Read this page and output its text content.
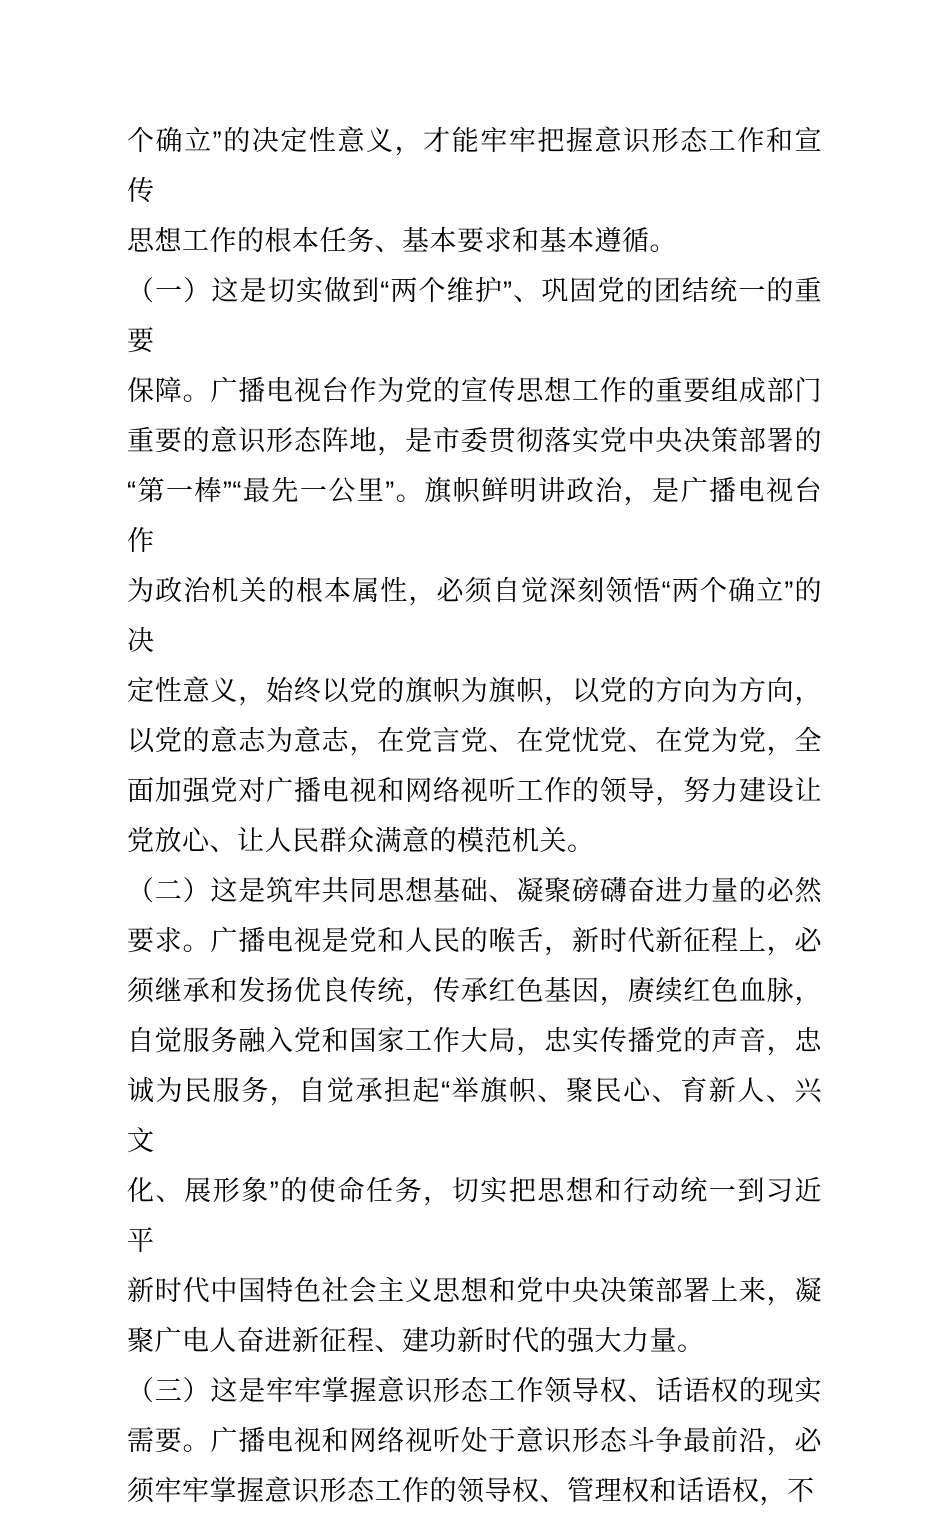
个确立”的决定性意义，才能牢牢把握意识形态工作和宣传
思想工作的根本任务、基本要求和基本遵循。
（一）这是切实做到“两个维护”、巩固党的团结统一的重要
保障。广播电视台作为党的宣传思想工作的重要组成部门
重要的意识形态阵地，是市委贯彻落实党中央决策部署的
“第一棒”“最先一公里”。旗帜鲜明讲政治，是广播电视台作
为政治机关的根本属性，必须自觉深刻领悟“两个确立”的决
定性意义，始终以党的旗帜为旗帜，以党的方向为方向，
以党的意志为意志，在党言党、在党忧党、在党为党，全
面加强党对广播电视和网络视听工作的领导，努力建设让
党放心、让人民群众满意的模范机关。
（二）这是筑牢共同思想基础、凝聚磅礴奋进力量的必然
要求。广播电视是党和人民的喉舌，新时代新征程上，必
须继承和发扬优良传统，传承红色基因，赓续红色血脉，
自觉服务融入党和国家工作大局，忠实传播党的声音，忠
诚为民服务，自觉承担起“举旗帜、聚民心、育新人、兴文
化、展形象”的使命任务，切实把思想和行动统一到习近平
新时代中国特色社会主义思想和党中央决策部署上来，凝
聚广电人奋进新征程、建功新时代的强大力量。
（三）这是牢牢掌握意识形态工作领导权、话语权的现实
需要。广播电视和网络视听处于意识形态斗争最前沿，必
须牢牢掌握意识形态工作的领导权、管理权和话语权，不
